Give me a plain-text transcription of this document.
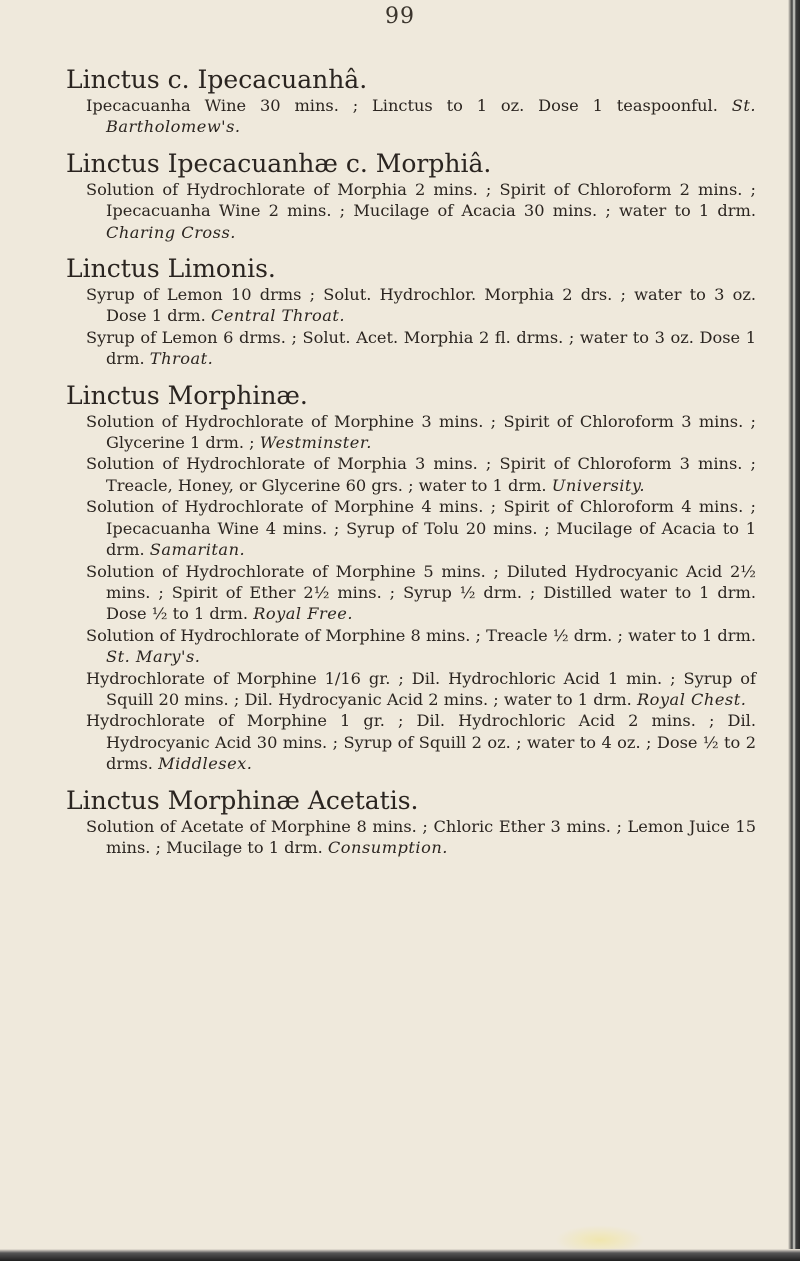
99
Linctus c. Ipecacuanhâ.
Ipecacuanha Wine 30 mins. ; Linctus to 1 oz. Dose 1 teaspoonful. St. Bartholomew's.
Linctus Ipecacuanhæ c. Morphiâ.
Solution of Hydrochlorate of Morphia 2 mins. ; Spirit of Chloroform 2 mins. ; Ipecacuanha Wine 2 mins. ; Mucilage of Acacia 30 mins. ; water to 1 drm. Charing Cross.
Linctus Limonis.
Syrup of Lemon 10 drms ; Solut. Hydrochlor. Morphia 2 drs. ; water to 3 oz. Dose 1 drm. Central Throat.
Syrup of Lemon 6 drms. ; Solut. Acet. Morphia 2 fl. drms. ; water to 3 oz. Dose 1 drm. Throat.
Linctus Morphinæ.
Solution of Hydrochlorate of Morphine 3 mins. ; Spirit of Chloroform 3 mins. ; Glycerine 1 drm. ; Westminster.
Solution of Hydrochlorate of Morphia 3 mins. ; Spirit of Chloroform 3 mins. ; Treacle, Honey, or Glycerine 60 grs. ; water to 1 drm. University.
Solution of Hydrochlorate of Morphine 4 mins. ; Spirit of Chloroform 4 mins. ; Ipecacuanha Wine 4 mins. ; Syrup of Tolu 20 mins. ; Mucilage of Acacia to 1 drm. Samaritan.
Solution of Hydrochlorate of Morphine 5 mins. ; Diluted Hydrocyanic Acid 2½ mins. ; Spirit of Ether 2½ mins. ; Syrup ½ drm. ; Distilled water to 1 drm. Dose ½ to 1 drm. Royal Free.
Solution of Hydrochlorate of Morphine 8 mins. ; Treacle ½ drm. ; water to 1 drm. St. Mary's.
Hydrochlorate of Morphine 1/16 gr. ; Dil. Hydrochloric Acid 1 min. ; Syrup of Squill 20 mins. ; Dil. Hydrocyanic Acid 2 mins. ; water to 1 drm. Royal Chest.
Hydrochlorate of Morphine 1 gr. ; Dil. Hydrochloric Acid 2 mins. ; Dil. Hydrocyanic Acid 30 mins. ; Syrup of Squill 2 oz. ; water to 4 oz. ; Dose ½ to 2 drms. Middlesex.
Linctus Morphinæ Acetatis.
Solution of Acetate of Morphine 8 mins. ; Chloric Ether 3 mins. ; Lemon Juice 15 mins. ; Mucilage to 1 drm. Consumption.
